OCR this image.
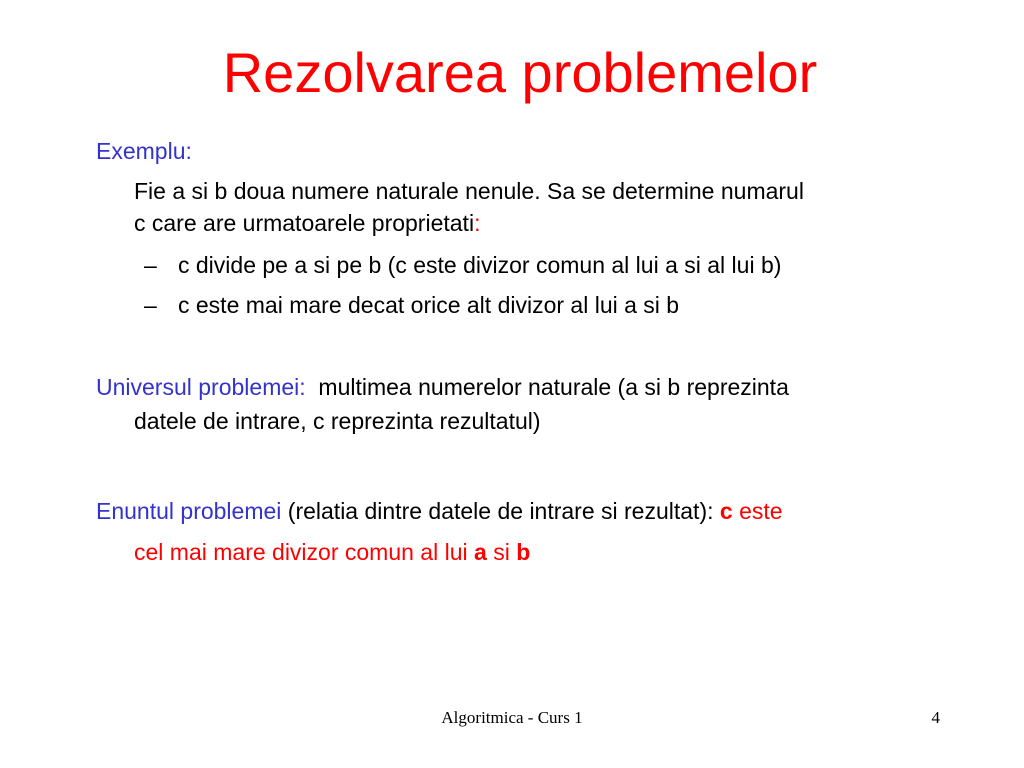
Rezolvarea problemelor
Exemplu:
Fie a si b doua numere naturale nenule. Sa se determine numarul
c care are urmatoarele proprietati:
– c divide pe a si pe b (c este divizor comun al lui a si al lui b)
– c este mai mare decat orice alt divizor al lui a si b
Universul problemei: multimea numerelor naturale (a si b reprezinta
datele de intrare, c reprezinta rezultatul)
Enuntul problemei (relatia dintre datele de intrare si rezultat): c este
cel mai mare divizor comun al lui a si b
Algoritmica - Curs 1	4
